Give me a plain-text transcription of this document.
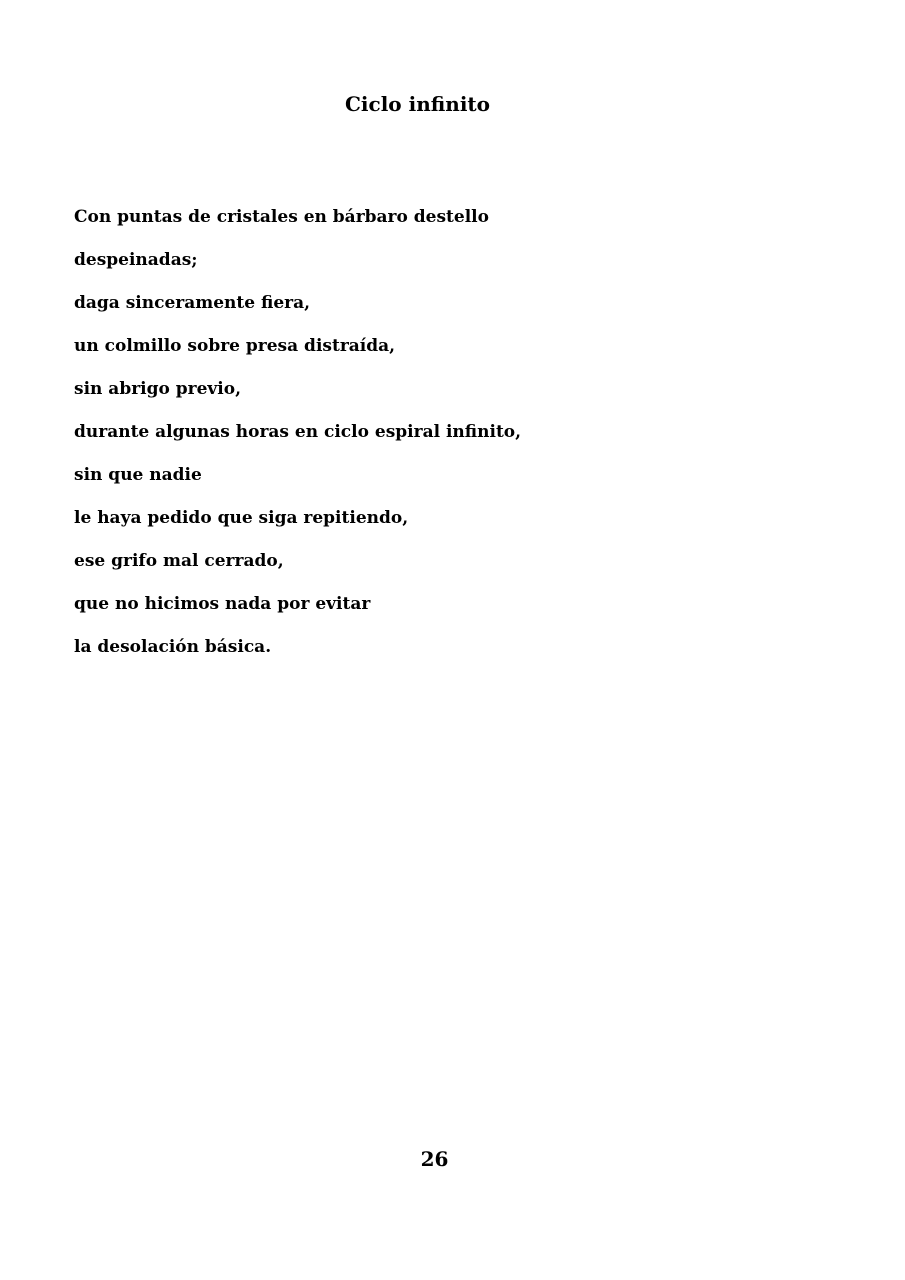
Ciclo infinito
Con puntas de cristales en bárbaro destello
despeinadas;
daga sinceramente fiera,
un colmillo sobre presa distraída,
sin abrigo previo,
durante algunas horas en ciclo espiral infinito,
sin que nadie
le haya pedido que siga repitiendo,
ese grifo mal cerrado,
que no hicimos nada por evitar
la desolación básica.
26
